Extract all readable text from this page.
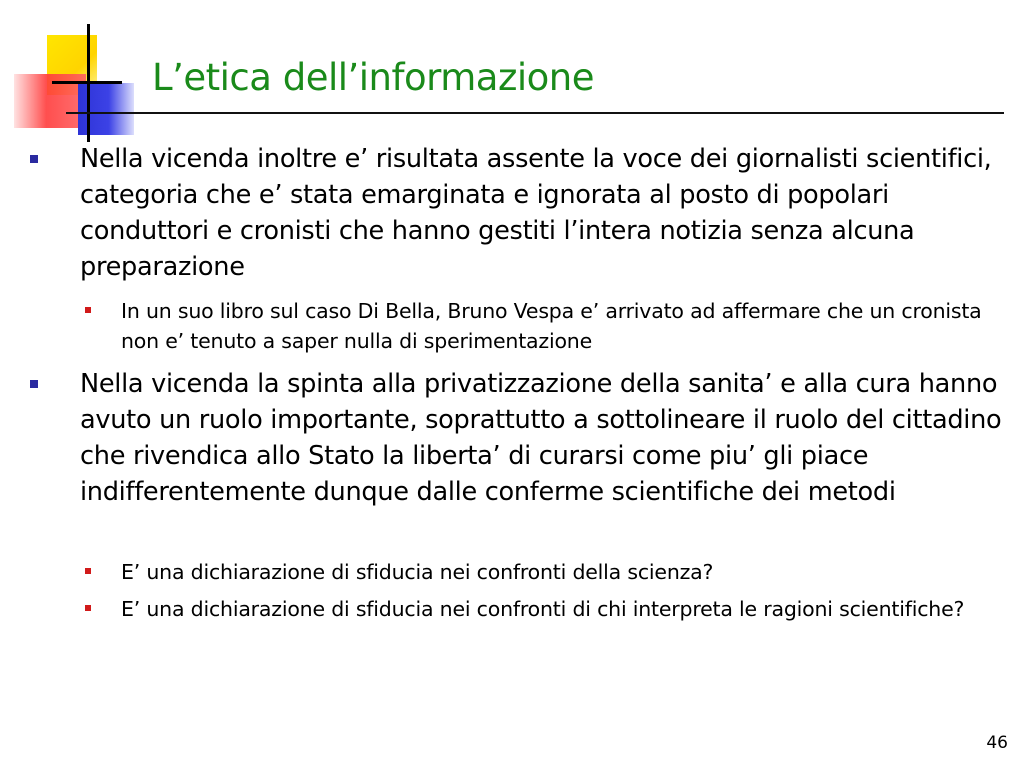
L’etica dell’informazione
Nella vicenda inoltre e’ risultata assente la voce dei giornalisti scientifici, categoria che e’ stata emarginata e ignorata al posto di popolari conduttori e cronisti che hanno gestiti l’intera notizia senza alcuna preparazione
In un suo libro sul caso Di Bella, Bruno Vespa e’ arrivato ad affermare che un cronista non e’ tenuto a saper nulla di sperimentazione
Nella vicenda la spinta alla privatizzazione della sanita’ e alla cura hanno avuto un ruolo importante, soprattutto a sottolineare il ruolo del cittadino che rivendica allo Stato la liberta’ di curarsi come piu’ gli piace indifferentemente dunque dalle conferme scientifiche dei metodi
E’ una dichiarazione di sfiducia nei confronti della scienza?
E’ una dichiarazione di sfiducia nei confronti di chi interpreta le ragioni scientifiche?
46
